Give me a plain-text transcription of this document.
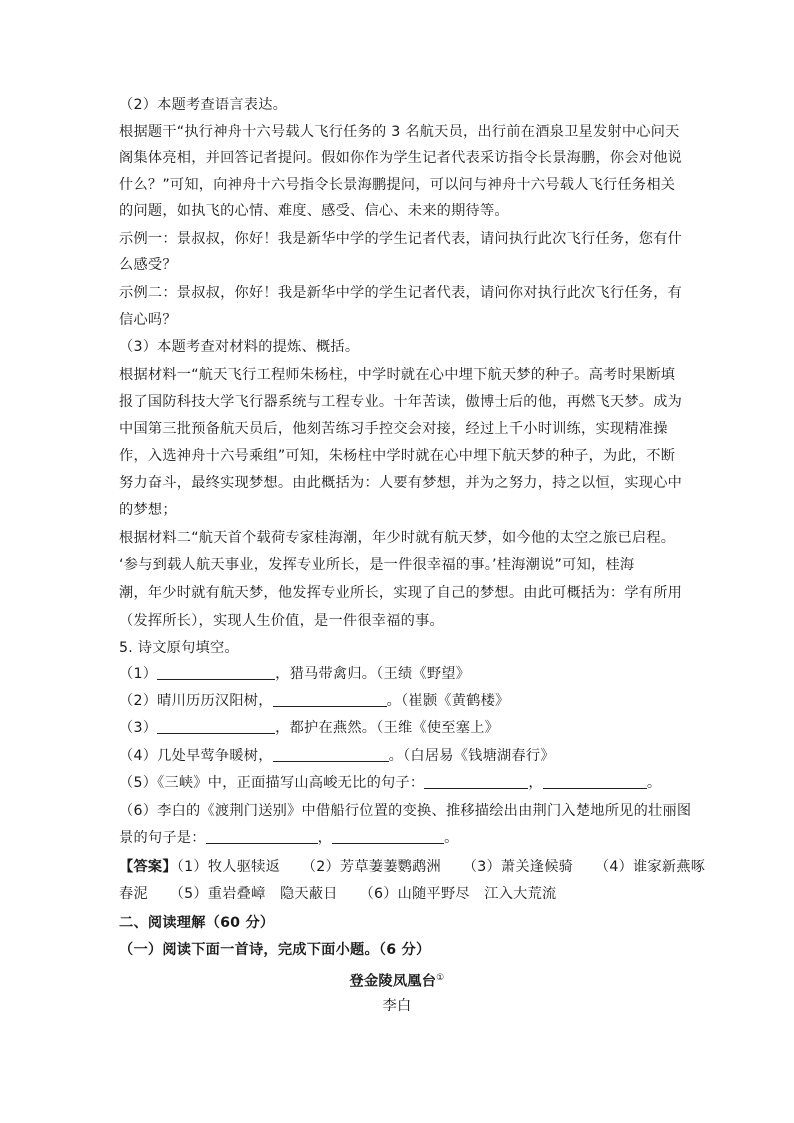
（2）本题考查语言表达。
根据题干“执行神舟十六号载人飞行任务的 3 名航天员，出行前在酒泉卫星发射中心问天
阁集体亮相，并回答记者提问。假如你作为学生记者代表采访指令长景海鹏，你会对他说
什么？”可知，向神舟十六号指令长景海鹏提问，可以问与神舟十六号载人飞行任务相关
的问题，如执飞的心情、难度、感受、信心、未来的期待等。
示例一：景叔叔，你好！我是新华中学的学生记者代表，请问执行此次飞行任务，您有什
么感受？
示例二：景叔叔，你好！我是新华中学的学生记者代表，请问你对执行此次飞行任务，有
信心吗？
（3）本题考查对材料的提炼、概括。
根据材料一“航天飞行工程师朱杨柱，中学时就在心中埋下航天梦的种子。高考时果断填
报了国防科技大学飞行器系统与工程专业。十年苦读，傲博士后的他，再燃飞天梦。成为
中国第三批预备航天员后，他刻苦练习手控交会对接，经过上千小时训练，实现精准操
作，入选神舟十六号乘组”可知，朱杨柱中学时就在心中埋下航天梦的种子，为此，不断
努力奋斗，最终实现梦想。由此概括为：人要有梦想，并为之努力，持之以恒，实现心中
的梦想；
根据材料二“航天首个载荷专家桂海潮，年少时就有航天梦，如今他的太空之旅已启程。
‘参与到载人航天事业，发挥专业所长，是一件很幸福的事。’桂海潮说”可知，桂海
潮，年少时就有航天梦，他发挥专业所长，实现了自己的梦想。由此可概括为：学有所用
（发挥所长），实现人生价值，是一件很幸福的事。
5. 诗文原句填空。
（1）	，猎马带禽归。（王绩《野望》
（2）晴川历历汉阳树，	。（崔颢《黄鹤楼》
（3）	，都护在燕然。（王维《使至塞上》
（4）几处早莺争暖树，	。（白居易《钱塘湖春行》
（5）《三峡》中，正面描写山高峻无比的句子：	，	。
（6）李白的《渡荆门送别》中借船行位置的变换、推移描绘出由荆门入楚地所见的壮丽图
景的句子是：	，	。
【答案】（1）牧人驱犊返　　（2）芳草萋萋鹦鹉洲　　（3）萧关逢候骑　　（4）谁家新燕啄
春泥　　（5）重岩叠嶂　隐天蔽日　　（6）山随平野尽　江入大荒流
二、阅读理解（60 分）
（一）阅读下面一首诗，完成下面小题。（6 分）
登金陵凤凰台①
李白
